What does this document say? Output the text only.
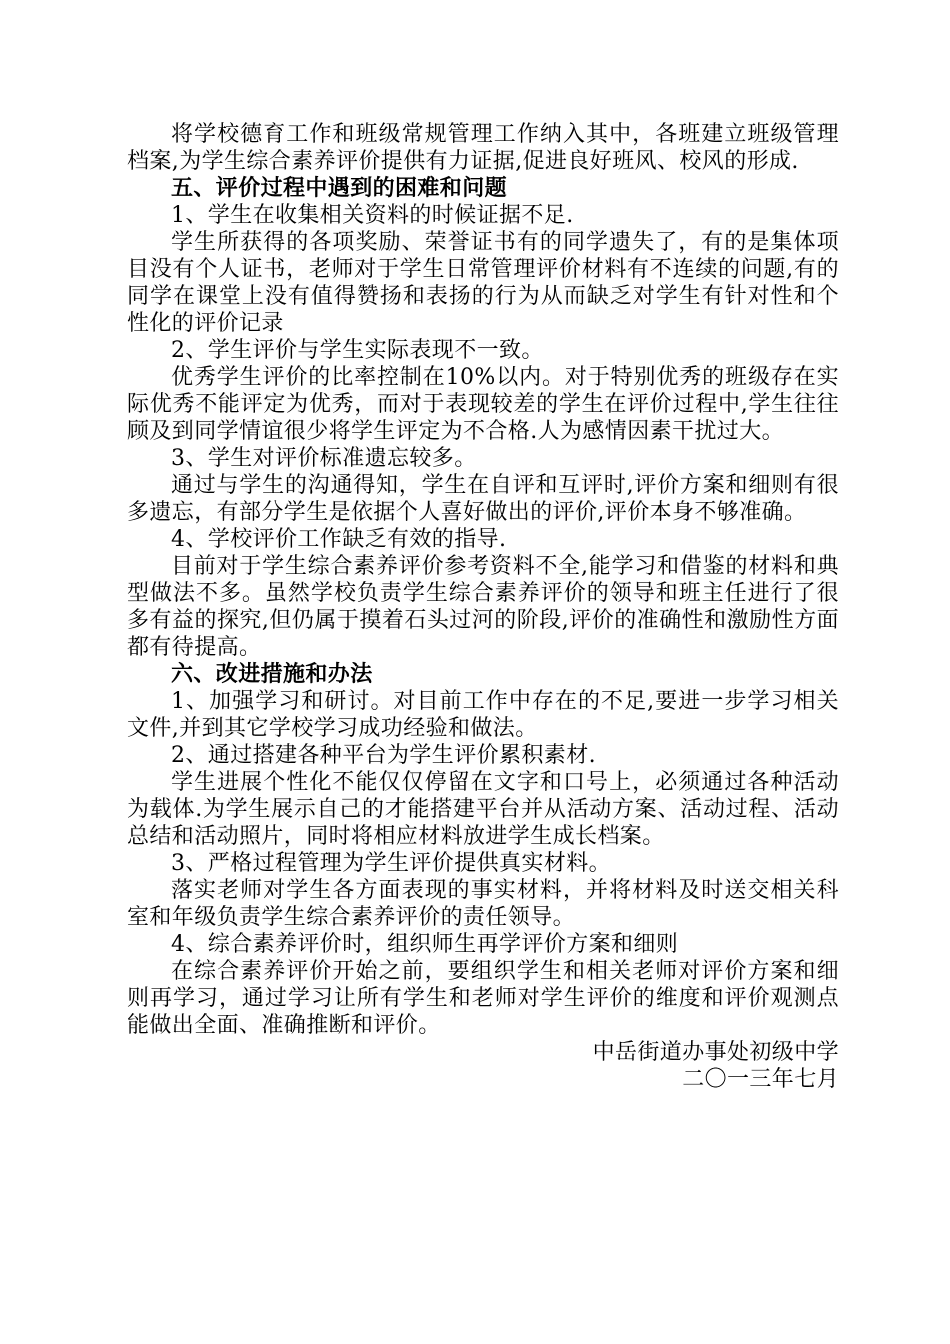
将学校德育工作和班级常规管理工作纳入其中，各班建立班级管理档案,为学生综合素养评价提供有力证据,促进良好班风、校风的形成.

五、评价过程中遇到的困难和问题

1、学生在收集相关资料的时候证据不足.

学生所获得的各项奖励、荣誉证书有的同学遗失了，有的是集体项目没有个人证书，老师对于学生日常管理评价材料有不连续的问题,有的同学在课堂上没有值得赞扬和表扬的行为从而缺乏对学生有针对性和个性化的评价记录

2、学生评价与学生实际表现不一致。

优秀学生评价的比率控制在10%以内。对于特别优秀的班级存在实际优秀不能评定为优秀，而对于表现较差的学生在评价过程中,学生往往顾及到同学情谊很少将学生评定为不合格.人为感情因素干扰过大。

3、学生对评价标准遗忘较多。

通过与学生的沟通得知，学生在自评和互评时,评价方案和细则有很多遗忘，有部分学生是依据个人喜好做出的评价,评价本身不够准确。

4、学校评价工作缺乏有效的指导.

目前对于学生综合素养评价参考资料不全,能学习和借鉴的材料和典型做法不多。虽然学校负责学生综合素养评价的领导和班主任进行了很多有益的探究,但仍属于摸着石头过河的阶段,评价的准确性和激励性方面都有待提高。

六、改进措施和办法

1、加强学习和研讨。对目前工作中存在的不足,要进一步学习相关文件,并到其它学校学习成功经验和做法。

2、通过搭建各种平台为学生评价累积素材.

学生进展个性化不能仅仅停留在文字和口号上，必须通过各种活动为载体.为学生展示自己的才能搭建平台并从活动方案、活动过程、活动总结和活动照片，同时将相应材料放进学生成长档案。

3、严格过程管理为学生评价提供真实材料。

落实老师对学生各方面表现的事实材料，并将材料及时送交相关科室和年级负责学生综合素养评价的责任领导。

4、综合素养评价时，组织师生再学评价方案和细则

在综合素养评价开始之前，要组织学生和相关老师对评价方案和细则再学习，通过学习让所有学生和老师对学生评价的维度和评价观测点能做出全面、准确推断和评价。

中岳街道办事处初级中学

二〇一三年七月
